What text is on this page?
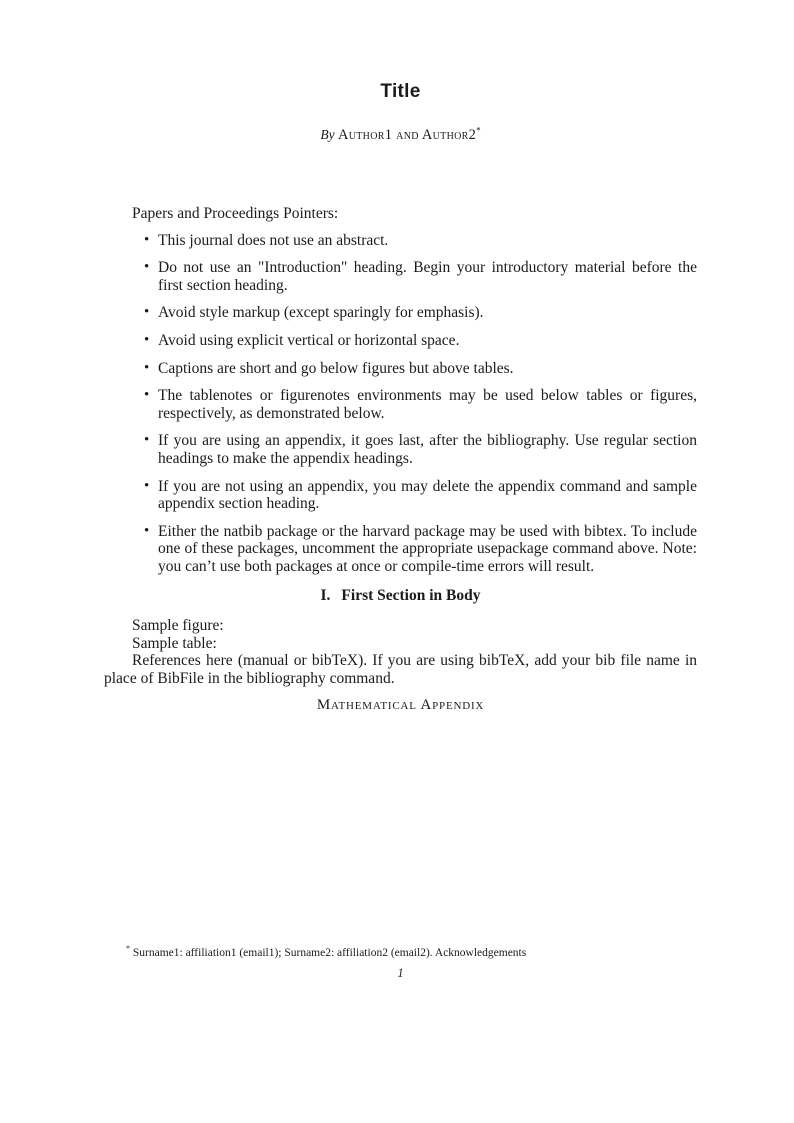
Title
By Author1 and Author2*

Papers and Proceedings Pointers:

• This journal does not use an abstract.
• Do not use an "Introduction" heading. Begin your introductory material before the first section heading.
• Avoid style markup (except sparingly for emphasis).
• Avoid using explicit vertical or horizontal space.
• Captions are short and go below figures but above tables.
• The tablenotes or figurenotes environments may be used below tables or figures, respectively, as demonstrated below.
• If you are using an appendix, it goes last, after the bibliography. Use regular section headings to make the appendix headings.
• If you are not using an appendix, you may delete the appendix command and sample appendix section heading.
• Either the natbib package or the harvard package may be used with bibtex. To include one of these packages, uncomment the appropriate usepackage command above. Note: you can’t use both packages at once or compile-time errors will result.
I. First Section in Body

Sample figure:

Sample table:

References here (manual or bibTeX). If you are using bibTeX, add your bib file name in place of BibFile in the bibliography command.

Mathematical Appendix
* Surname1: affiliation1 (email1); Surname2: affiliation2 (email2). Acknowledgements
1
